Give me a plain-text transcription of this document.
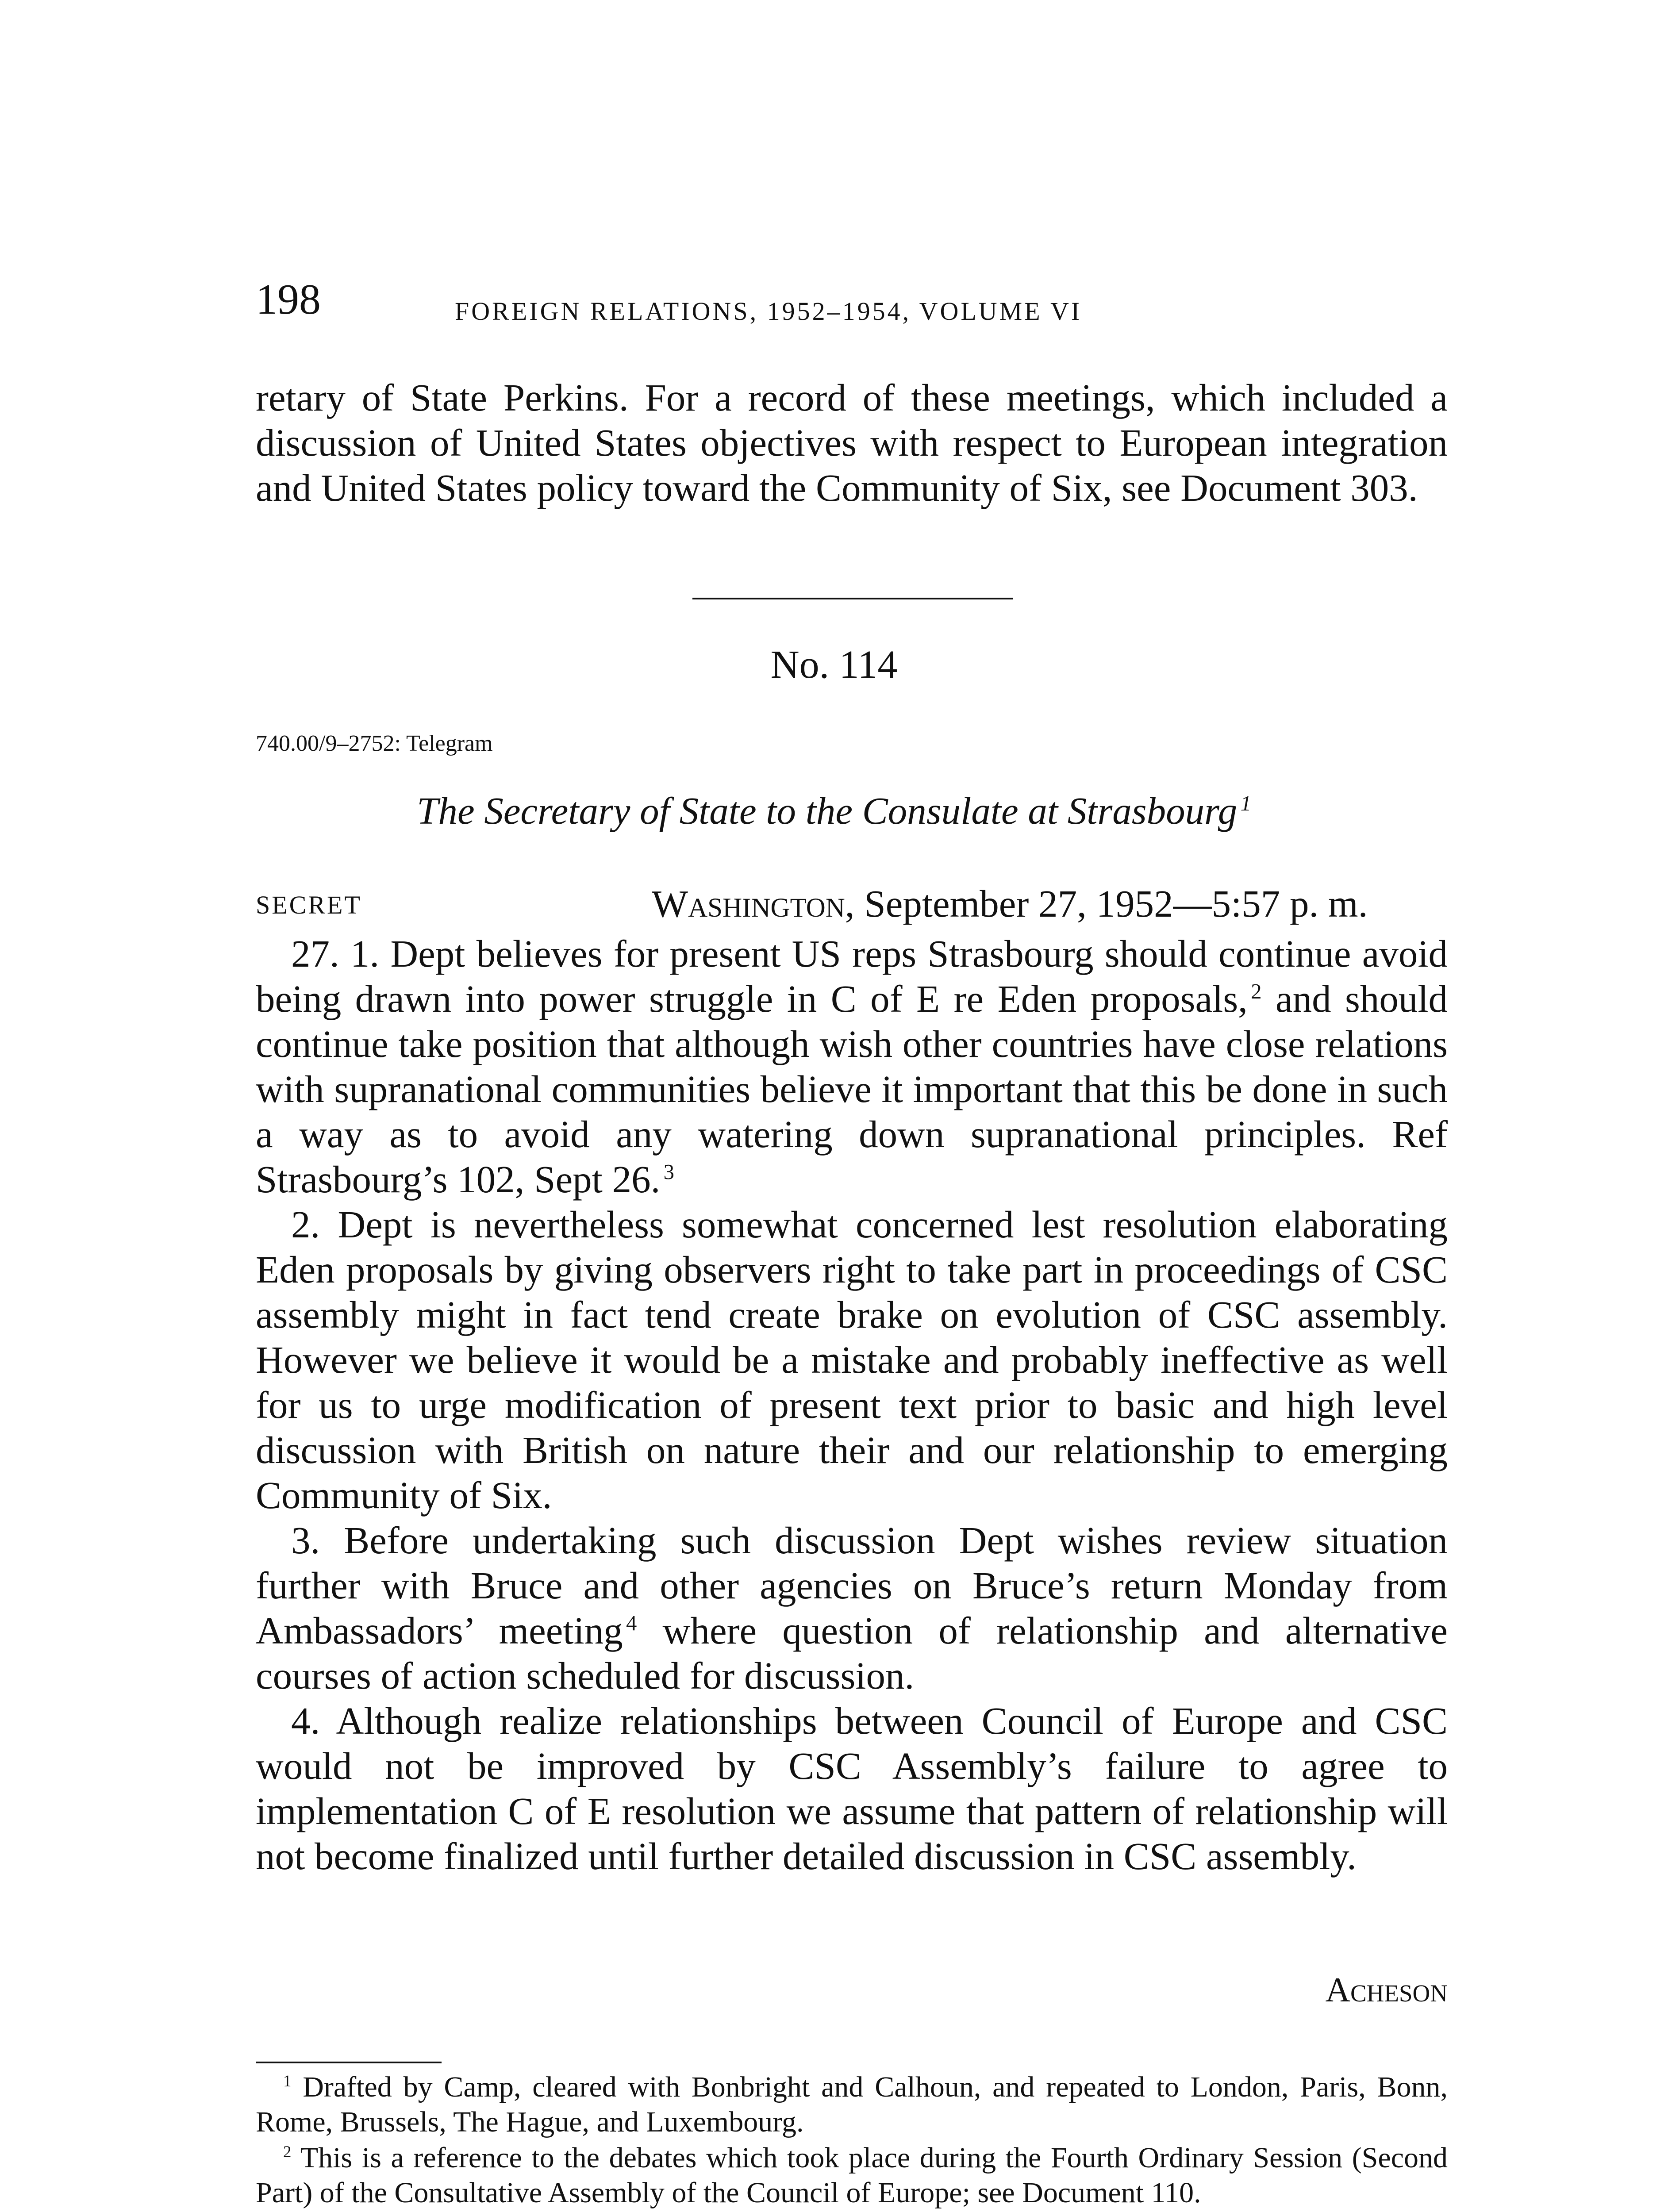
198	FOREIGN RELATIONS, 1952–1954, VOLUME VI

retary of State Perkins. For a record of these meetings, which included a discussion of United States objectives with respect to European integration and United States policy toward the Community of Six, see Document 303.

No. 114
740.00/9–2752: Telegram
The Secretary of State to the Consulate at Strasbourg  $^1$
SECRET	Washington, September 27, 1952—5:57 p. m.

27. 1. Dept believes for present US reps Strasbourg should continue avoid being drawn into power struggle in C of E re Eden proposals,  $^2$ and should continue take position that although wish other countries have close relations with supranational communities believe it important that this be done in such a way as to avoid any watering down supranational principles. Ref Strasbourg’s 102, Sept 26.  $^3$

2. Dept is nevertheless somewhat concerned lest resolution elaborating Eden proposals by giving observers right to take part in proceedings of CSC assembly might in fact tend create brake on evolution of CSC assembly. However we believe it would be a mistake and probably ineffective as well for us to urge modification of present text prior to basic and high level discussion with British on nature their and our relationship to emerging Community of Six.

3. Before undertaking such discussion Dept wishes review situation further with Bruce and other agencies on Bruce’s return Monday from Ambassadors’ meeting  $^4$ where question of relationship and alternative courses of action scheduled for discussion.

4. Although realize relationships between Council of Europe and CSC would not be improved by CSC Assembly’s failure to agree to implementation C of E resolution we assume that pattern of relationship will not become finalized until further detailed discussion in CSC assembly.

Acheson

$^1$ Drafted by Camp, cleared with Bonbright and Calhoun, and repeated to London, Paris, Bonn, Rome, Brussels, The Hague, and Luxembourg.

$^2$ This is a reference to the debates which took place during the Fourth Ordinary Session (Second Part) of the Consultative Assembly of the Council of Europe; see Document 110.
